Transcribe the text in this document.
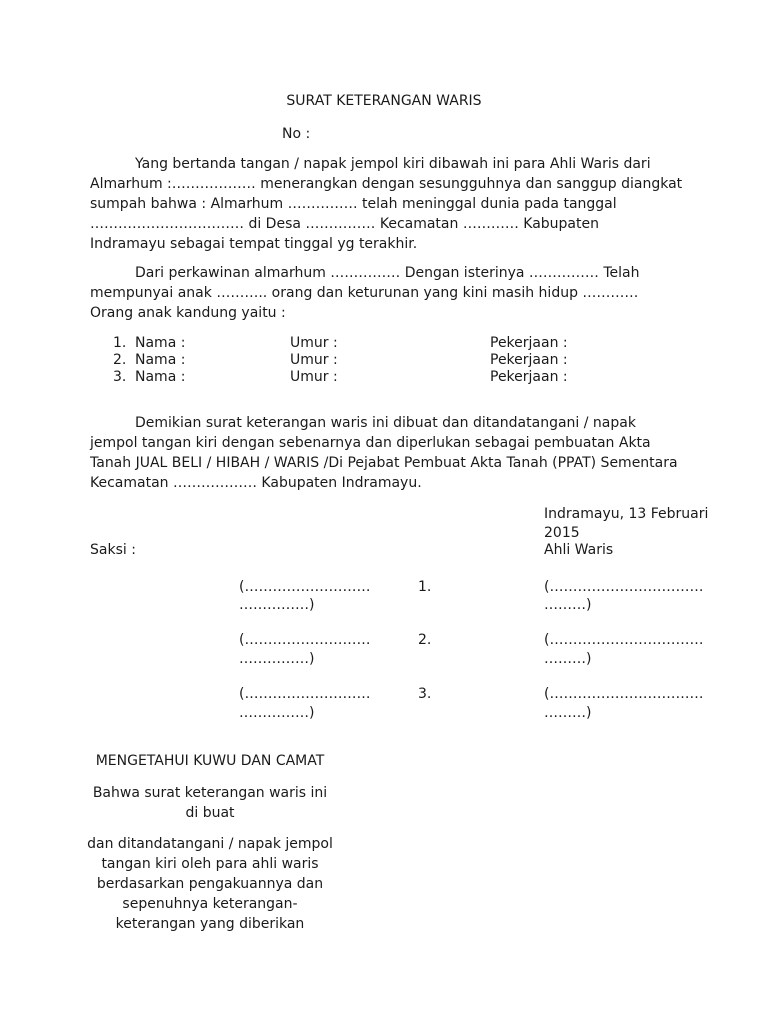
SURAT KETERANGAN WARIS
No :
Yang bertanda tangan / napak jempol kiri dibawah ini para Ahli Waris dari
Almarhum :……………… menerangkan dengan sesungguhnya dan sanggup diangkat
sumpah bahwa : Almarhum …………… telah meninggal dunia pada tanggal
…………………………… di Desa …………… Kecamatan ………… Kabupaten
Indramayu sebagai tempat tinggal yg terakhir.
Dari perkawinan almarhum …………… Dengan isterinya …………… Telah
mempunyai anak ……….. orang dan keturunan yang kini masih hidup …………
Orang anak kandung yaitu :
1. Nama :	Umur :	Pekerjaan :
2. Nama :	Umur :	Pekerjaan :
3. Nama :	Umur :	Pekerjaan :
Demikian surat keterangan waris ini dibuat dan ditandatangani / napak
jempol tangan kiri dengan sebenarnya dan diperlukan sebagai pembuatan Akta
Tanah JUAL BELI / HIBAH / WARIS /Di Pejabat Pembuat Akta Tanah (PPAT) Sementara
Kecamatan ……………… Kabupaten Indramayu.
Indramayu, 13 Februari
2015
Ahli Waris
Saksi :
(………………………
……………)
1.	(……………………………
………)
(………………………
……………)
2.	(……………………………
………)
(………………………
……………)
3.	(……………………………
………)
MENGETAHUI KUWU DAN CAMAT
Bahwa surat keterangan waris ini
di buat
dan ditandatangani / napak jempol
tangan kiri oleh para ahli waris
berdasarkan pengakuannya dan
sepenuhnya keterangan-
keterangan yang diberikan
